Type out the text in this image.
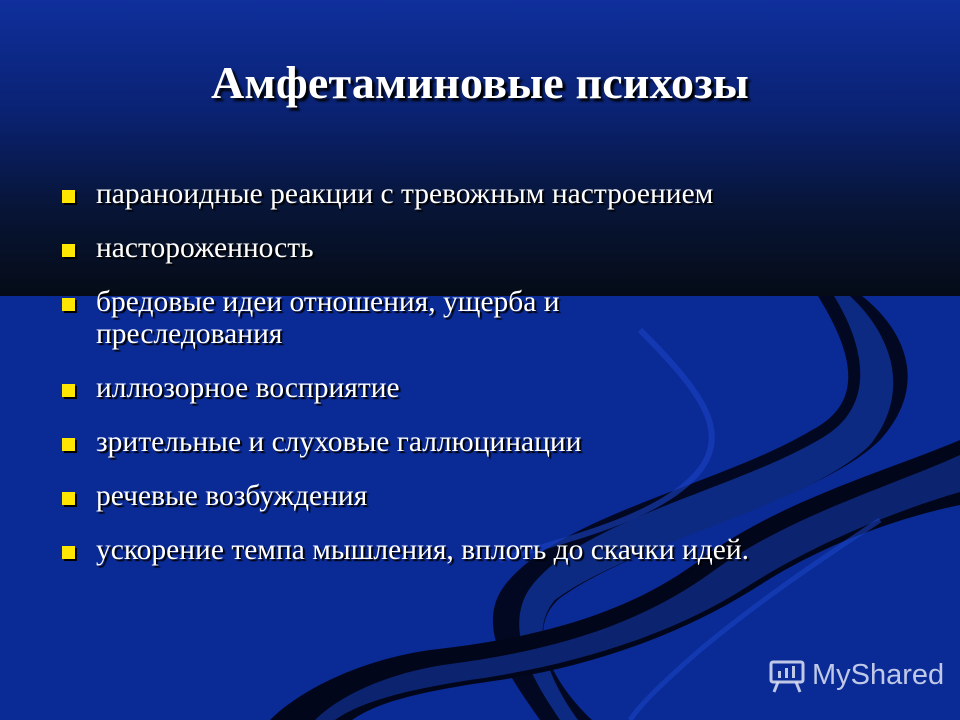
Амфетаминовые психозы
параноидные реакции с тревожным настроением
настороженность
бредовые идеи отношения, ущерба и преследования
иллюзорное восприятие
зрительные и слуховые галлюцинации
речевые возбуждения
ускорение темпа мышления, вплоть до скачки идей.
MyShared
